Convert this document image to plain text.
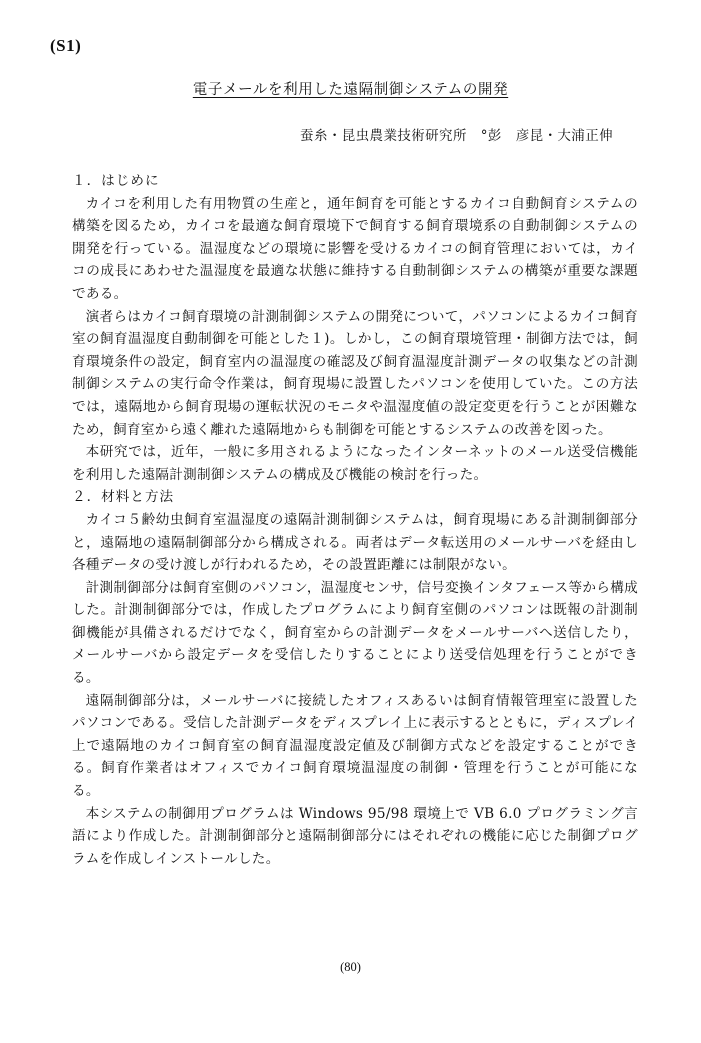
(S1)
電子メールを利用した遠隔制御システムの開発
蚕糸・昆虫農業技術研究所　°彭　彦昆・大浦正伸
１．はじめに

カイコを利用した有用物質の生産と，通年飼育を可能とするカイコ自動飼育システムの構築を図るため，カイコを最適な飼育環境下で飼育する飼育環境系の自動制御システムの開発を行っている。温湿度などの環境に影響を受けるカイコの飼育管理においては，カイコの成長にあわせた温湿度を最適な状態に維持する自動制御システムの構築が重要な課題である。

演者らはカイコ飼育環境の計測制御システムの開発について，パソコンによるカイコ飼育室の飼育温湿度自動制御を可能とした１)。しかし，この飼育環境管理・制御方法では，飼育環境条件の設定，飼育室内の温湿度の確認及び飼育温湿度計測データの収集などの計測制御システムの実行命令作業は，飼育現場に設置したパソコンを使用していた。この方法では，遠隔地から飼育現場の運転状況のモニタや温湿度値の設定変更を行うことが困難なため，飼育室から遠く離れた遠隔地からも制御を可能とするシステムの改善を図った。

本研究では，近年，一般に多用されるようになったインターネットのメール送受信機能を利用した遠隔計測制御システムの構成及び機能の検討を行った。

２．材料と方法

カイコ５齢幼虫飼育室温湿度の遠隔計測制御システムは，飼育現場にある計測制御部分と，遠隔地の遠隔制御部分から構成される。両者はデータ転送用のメールサーバを経由し各種データの受け渡しが行われるため，その設置距離には制限がない。

計測制御部分は飼育室側のパソコン，温湿度センサ，信号変換インタフェース等から構成した。計測制御部分では，作成したプログラムにより飼育室側のパソコンは既報の計測制御機能が具備されるだけでなく，飼育室からの計測データをメールサーバへ送信したり，メールサーバから設定データを受信したりすることにより送受信処理を行うことができる。

遠隔制御部分は，メールサーバに接続したオフィスあるいは飼育情報管理室に設置したパソコンである。受信した計測データをディスプレイ上に表示するとともに，ディスプレイ上で遠隔地のカイコ飼育室の飼育温湿度設定値及び制御方式などを設定することができる。飼育作業者はオフィスでカイコ飼育環境温湿度の制御・管理を行うことが可能になる。

本システムの制御用プログラムは Windows 95/98 環境上で VB 6.0 プログラミング言語により作成した。計測制御部分と遠隔制御部分にはそれぞれの機能に応じた制御プログラムを作成しインストールした。

(80)
